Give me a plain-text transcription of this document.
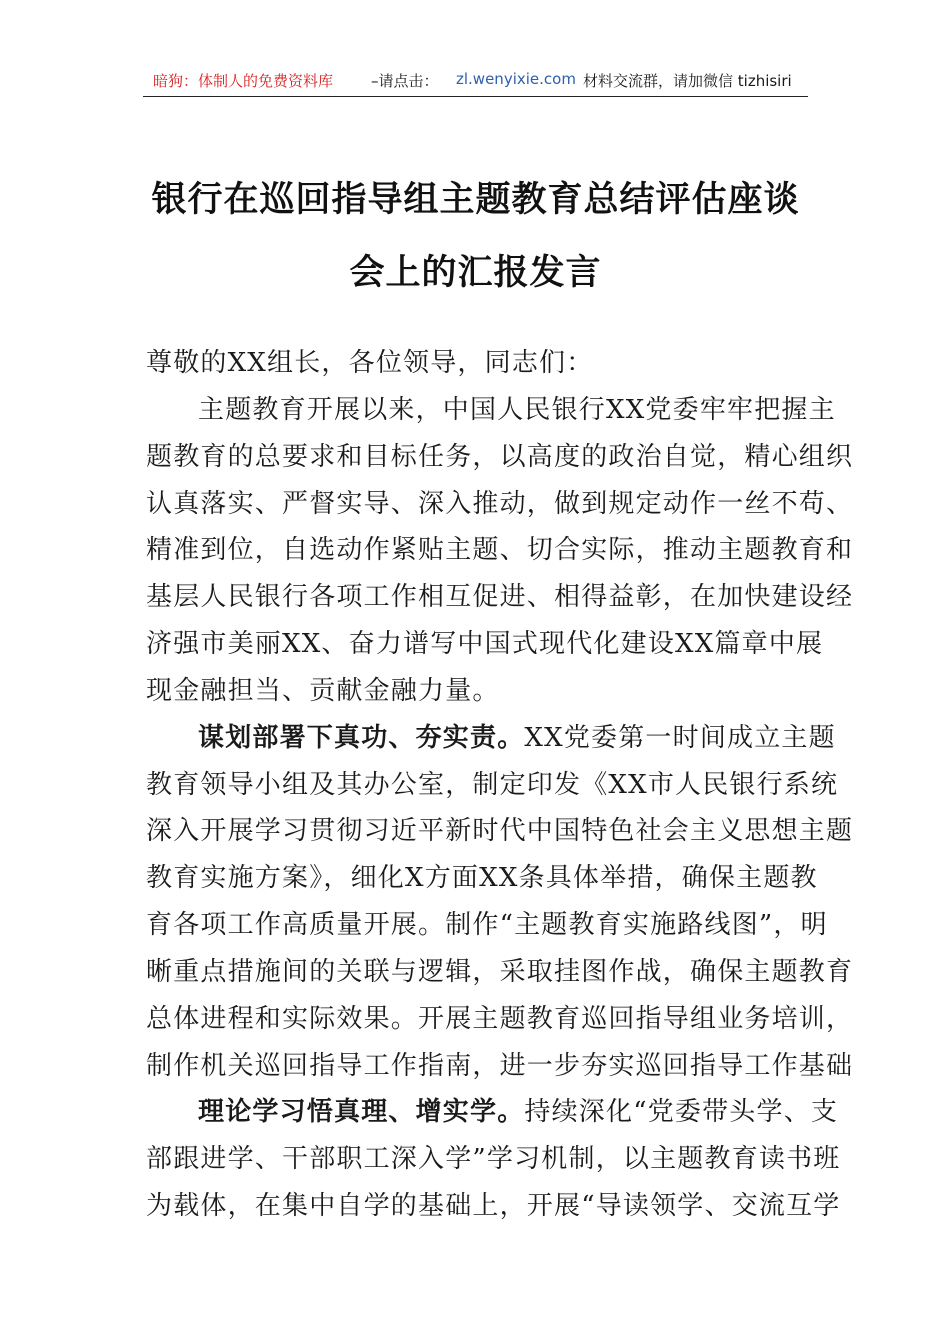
暗狗：体制人的免费资料库	–请点击： zl.wenyixie.com 材料交流群，请加微信 tizhisiri
银行在巡回指导组主题教育总结评估座谈
会上的汇报发言
尊敬的XX组长，各位领导，同志们：
主题教育开展以来，中国人民银行XX党委牢牢把握主
题教育的总要求和目标任务，以高度的政治自觉，精心组织
认真落实、严督实导、深入推动，做到规定动作一丝不苟、
精准到位，自选动作紧贴主题、切合实际，推动主题教育和
基层人民银行各项工作相互促进、相得益彰，在加快建设经
济强市美丽XX、奋力谱写中国式现代化建设XX篇章中展
现金融担当、贡献金融力量。
谋划部署下真功、夯实责。XX党委第一时间成立主题
教育领导小组及其办公室，制定印发《XX市人民银行系统
深入开展学习贯彻习近平新时代中国特色社会主义思想主题
教育实施方案》，细化X方面XX条具体举措，确保主题教
育各项工作高质量开展。制作“主题教育实施路线图”，明
晰重点措施间的关联与逻辑，采取挂图作战，确保主题教育
总体进程和实际效果。开展主题教育巡回指导组业务培训，
制作机关巡回指导工作指南，进一步夯实巡回指导工作基础
理论学习悟真理、增实学。持续深化“党委带头学、支
部跟进学、干部职工深入学”学习机制，以主题教育读书班
为载体，在集中自学的基础上，开展“导读领学、交流互学
